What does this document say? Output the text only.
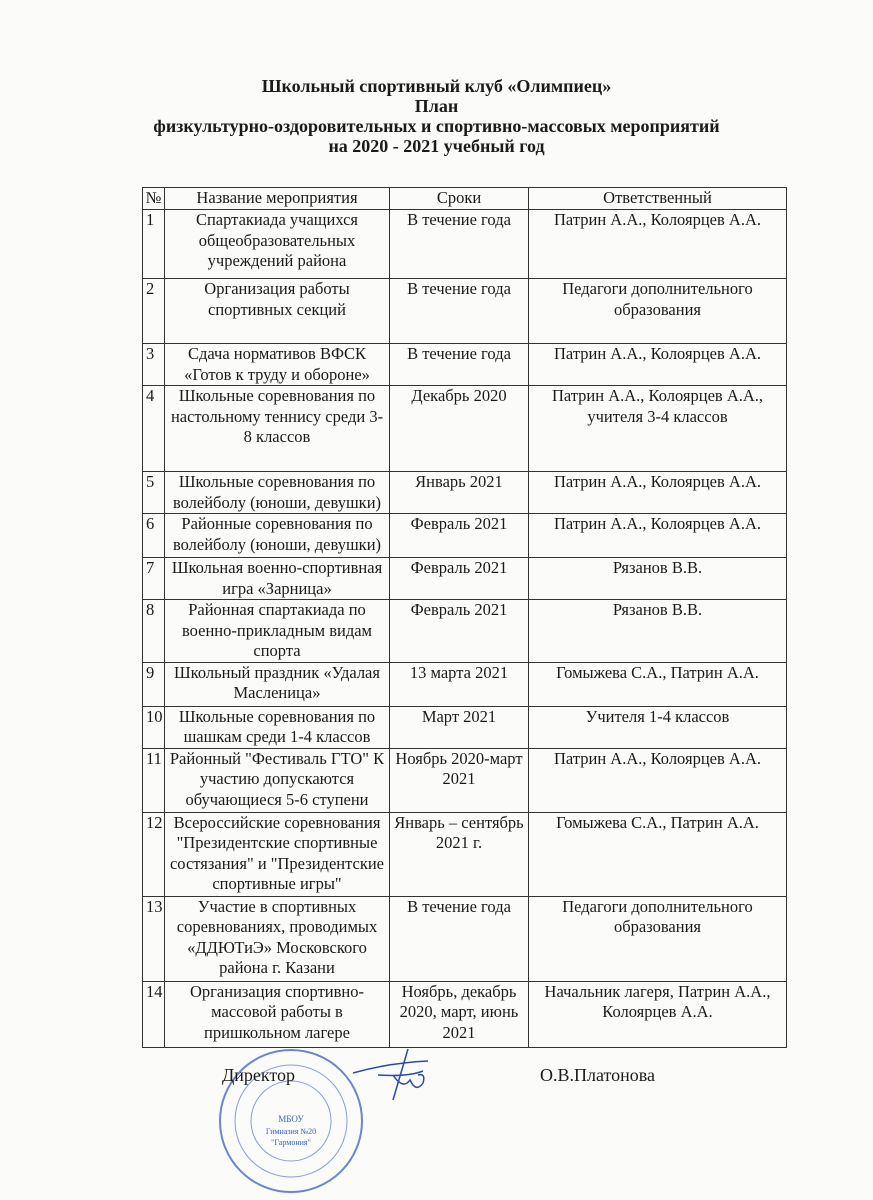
Школьный спортивный клуб «Олимпиец»
План
физкультурно-оздоровительных и спортивно-массовых мероприятий
на 2020 - 2021 учебный год
№	Название мероприятия	Сроки	Ответственный
1	Спартакиада учащихся общеобразовательных учреждений района	В течение года	Патрин А.А., Колоярцев А.А.
2	Организация работы спортивных секций	В течение года	Педагоги дополнительного образования
3	Сдача нормативов ВФСК «Готов к труду и обороне»	В течение года	Патрин А.А., Колоярцев А.А.
4	Школьные соревнования по настольному теннису среди 3-8 классов	Декабрь 2020	Патрин А.А., Колоярцев А.А., учителя 3-4 классов
5	Школьные соревнования по волейболу (юноши, девушки)	Январь 2021	Патрин А.А., Колоярцев А.А.
6	Районные соревнования по волейболу (юноши, девушки)	Февраль 2021	Патрин А.А., Колоярцев А.А.
7	Школьная военно-спортивная игра «Зарница»	Февраль 2021	Рязанов В.В.
8	Районная спартакиада по военно-прикладным видам спорта	Февраль 2021	Рязанов В.В.
9	Школьный праздник «Удалая Масленица»	13 марта 2021	Гомыжева С.А., Патрин А.А.
10	Школьные соревнования по шашкам среди 1-4 классов	Март 2021	Учителя 1-4 классов
11	Районный "Фестиваль ГТО" К участию допускаются обучающиеся 5-6 ступени	Ноябрь 2020-март 2021	Патрин А.А., Колоярцев А.А.
12	Всероссийские соревнования "Президентские спортивные состязания" и "Президентские спортивные игры"	Январь – сентябрь 2021 г.	Гомыжева С.А., Патрин А.А.
13	Участие в спортивных соревнованиях, проводимых «ДДЮТиЭ» Московского района г. Казани	В течение года	Педагоги дополнительного образования
14	Организация спортивно-массовой работы в пришкольном лагере	Ноябрь, декабрь 2020, март, июнь 2021	Начальник лагеря, Патрин А.А., Колоярцев А.А.
МБОУ
Гимназия №20
"Гармония"
Директор	О.В.Платонова
